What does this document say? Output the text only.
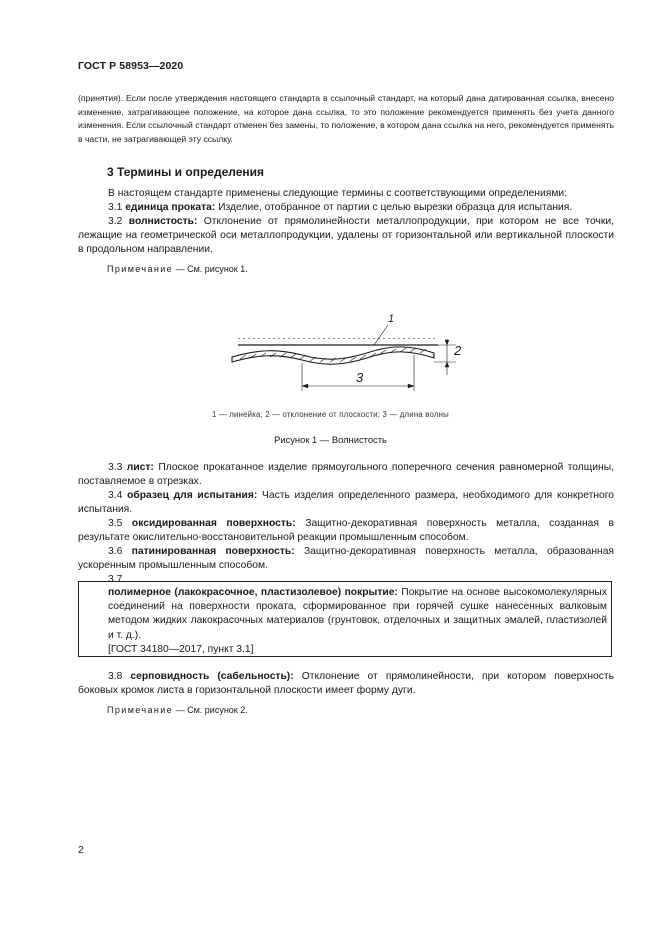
ГОСТ Р 58953—2020

(принятия). Если после утверждения настоящего стандарта в ссылочный стандарт, на который дана датированная ссылка, внесено изменение, затрагивающее положение, на которое дана ссылка, то это положение рекомендуется применять без учета данного изменения. Если ссылочный стандарт отменен без замены, то положение, в котором дана ссылка на него, рекомендуется применять в части, не затрагивающей эту ссылку.

3 Термины и определения

В настоящем стандарте применены следующие термины с соответствующими определениями:

3.1 единица проката: Изделие, отобранное от партии с целью вырезки образца для испытания.

3.2 волнистость: Отклонение от прямолинейности металлопродукции, при котором не все точки, лежащие на геометрической оси металлопродукции, удалены от горизонтальной или вертикальной плоскости в продольном направлении.

Примечание — См. рисунок 1.
1
2
3
1 — линейка; 2 — отклонение от плоскости; 3 — длина волны
Рисунок 1 — Волнистость

3.3 лист: Плоское прокатанное изделие прямоугольного поперечного сечения равномерной толщины, поставляемое в отрезках.

3.4 образец для испытания: Часть изделия определенного размера, необходимого для конкретного испытания.

3.5 оксидированная поверхность: Защитно-декоративная поверхность металла, созданная в результате окислительно-восстановительной реакции промышленным способом.

3.6 патинированная поверхность: Защитно-декоративная поверхность металла, образованная ускоренным промышленным способом.

3.7

полимерное (лакокрасочное, пластизолевое) покрытие: Покрытие на основе высокомолекулярных соединений на поверхности проката, сформированное при горячей сушке нанесенных валковым методом жидких лакокрасочных материалов (грунтовок, отделочных и защитных эмалей, пластизолей и т. д.).

[ГОСТ 34180—2017, пункт 3.1]

3.8 серповидность (сабельность): Отклонение от прямолинейности, при котором поверхность боковых кромок листа в горизонтальной плоскости имеет форму дуги.

Примечание — См. рисунок 2.
2
